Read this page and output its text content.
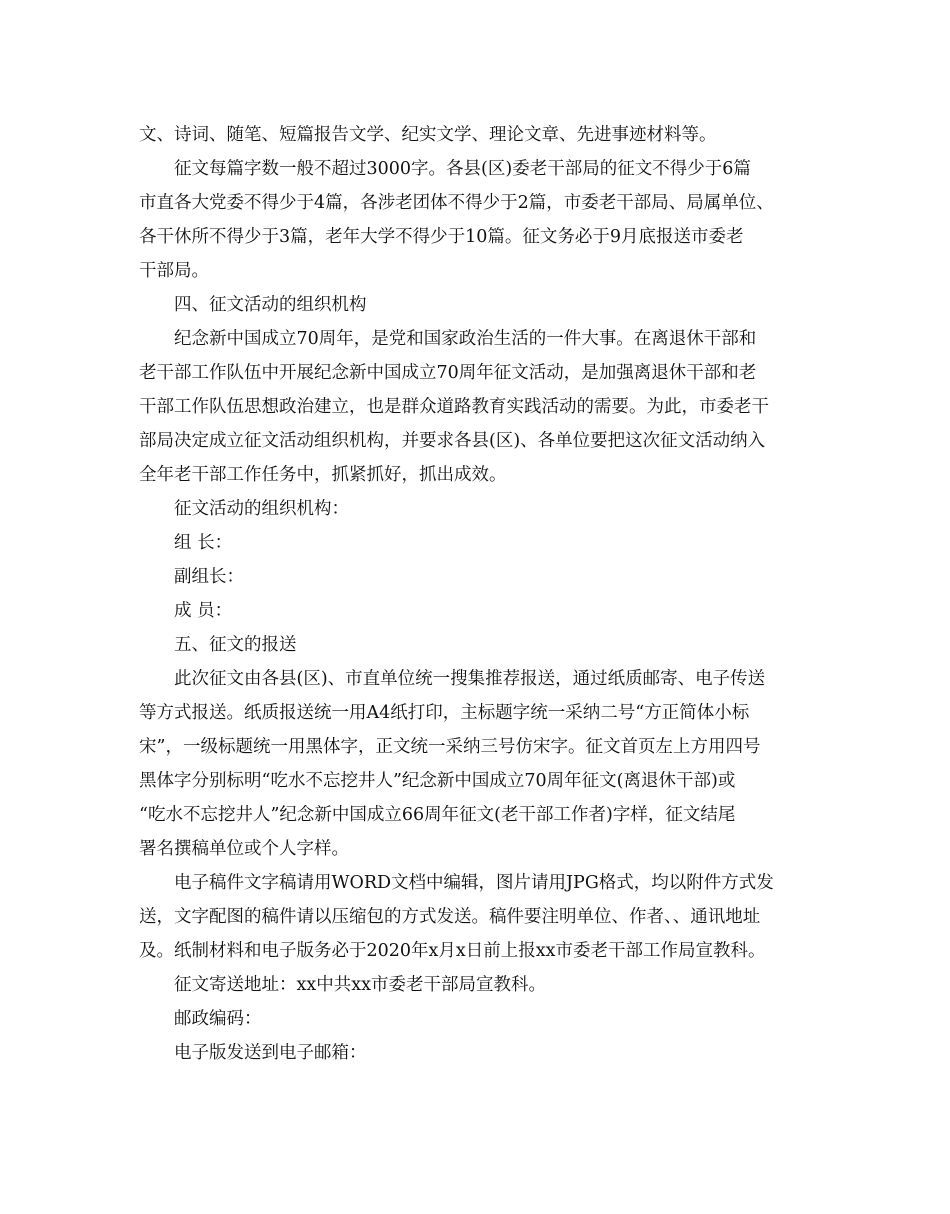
文、诗词、随笔、短篇报告文学、纪实文学、理论文章、先进事迹材料等。
征文每篇字数一般不超过3000字。各县(区)委老干部局的征文不得少于6篇
市直各大党委不得少于4篇，各涉老团体不得少于2篇，市委老干部局、局属单位、
各干休所不得少于3篇，老年大学不得少于10篇。征文务必于9月底报送市委老
干部局。
四、征文活动的组织机构
纪念新中国成立70周年，是党和国家政治生活的一件大事。在离退休干部和
老干部工作队伍中开展纪念新中国成立70周年征文活动，是加强离退休干部和老
干部工作队伍思想政治建立，也是群众道路教育实践活动的需要。为此，市委老干
部局决定成立征文活动组织机构，并要求各县(区)、各单位要把这次征文活动纳入
全年老干部工作任务中，抓紧抓好，抓出成效。
征文活动的组织机构：
组 长：
副组长：
成 员：
五、征文的报送
此次征文由各县(区)、市直单位统一搜集推荐报送，通过纸质邮寄、电子传送
等方式报送。纸质报送统一用A4纸打印，主标题字统一采纳二号“方正简体小标
宋”，一级标题统一用黑体字，正文统一采纳三号仿宋字。征文首页左上方用四号
黑体字分别标明“吃水不忘挖井人”纪念新中国成立70周年征文(离退休干部)或
“吃水不忘挖井人”纪念新中国成立66周年征文(老干部工作者)字样，征文结尾
署名撰稿单位或个人字样。
电子稿件文字稿请用WORD文档中编辑，图片请用JPG格式，均以附件方式发
送，文字配图的稿件请以压缩包的方式发送。稿件要注明单位、作者、、通讯地址
及。纸制材料和电子版务必于2020年x月x日前上报xx市委老干部工作局宣教科。
征文寄送地址：xx中共xx市委老干部局宣教科。
邮政编码：
电子版发送到电子邮箱：
